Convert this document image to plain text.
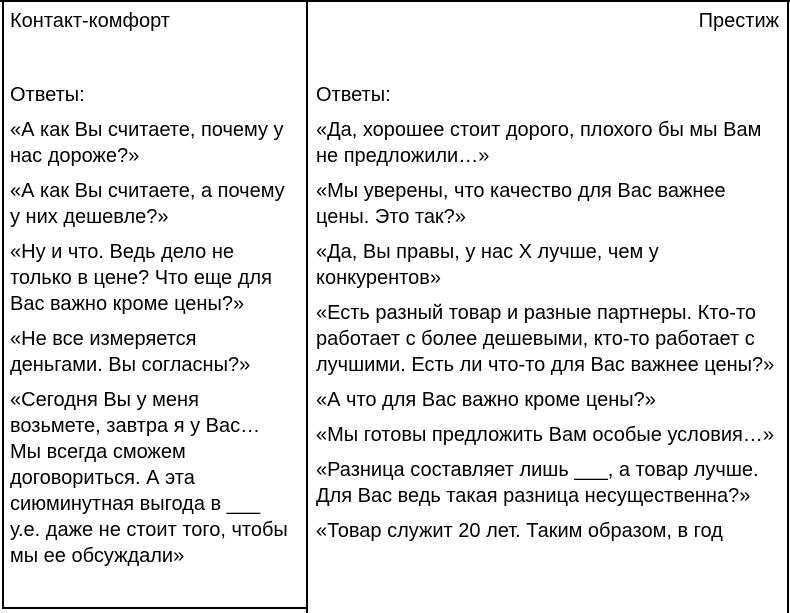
Контакт-комфорт
Ответы:

«А как Вы считаете, почему у нас дороже?»

«А как Вы считаете, а почему у них дешевле?»

«Ну и что. Ведь дело не только в цене? Что еще для Вас важно кроме цены?»

«Не все измеряется деньгами. Вы согласны?»

«Сегодня Вы у меня возьмете, завтра я у Вас… Мы всегда сможем договориться. А эта сиюминутная выгода в ___ у.е. даже не стоит того, чтобы мы ее обсуждали»

Престиж
Ответы:

«Да, хорошее стоит дорого, плохого бы мы Вам не предложили…»

«Мы уверены, что качество для Вас важнее цены. Это так?»

«Да, Вы правы, у нас Х лучше, чем у конкурентов»

«Есть разный товар и разные партнеры. Кто-то работает с более дешевыми, кто-то работает с лучшими. Есть ли что-то для Вас важнее цены?»

«А что для Вас важно кроме цены?»

«Мы готовы предложить Вам особые условия…»

«Разница составляет лишь ___, а товар лучше. Для Вас ведь такая разница несущественна?»

«Товар служит 20 лет. Таким образом, в год
